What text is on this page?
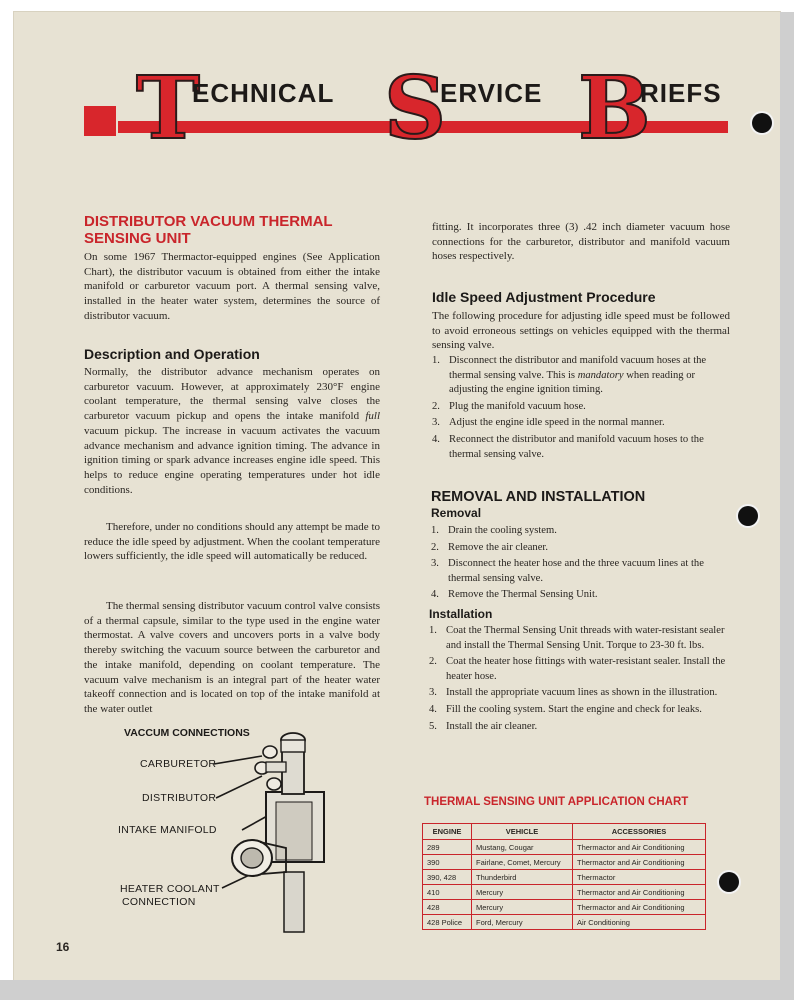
T
ECHNICAL S
ERVICE B
RIEFS
DISTRIBUTOR VACUUM THERMAL SENSING UNIT

On some 1967 Thermactor-equipped engines (See Application Chart), the distributor vacuum is obtained from either the intake manifold or carburetor vacuum port. A thermal sensing valve, installed in the heater water system, determines the source of distributor vacuum.

Description and Operation

Normally, the distributor advance mechanism operates on carburetor vacuum. However, at approximately 230°F engine coolant temperature, the thermal sensing valve closes the carburetor vacuum pickup and opens the intake manifold full vacuum pickup. The increase in vacuum activates the vacuum advance mechanism and advance ignition timing. The advance in ignition timing or spark advance increases engine idle speed. This helps to reduce engine operating temperatures under hot idle conditions.

Therefore, under no conditions should any attempt be made to reduce the idle speed by adjustment. When the coolant temperature lowers sufficiently, the idle speed will automatically be reduced.

The thermal sensing distributor vacuum control valve consists of a thermal capsule, similar to the type used in the engine water thermostat. A valve covers and uncovers ports in a valve body thereby switching the vacuum source between the carburetor and the intake manifold, depending on coolant temperature. The vacuum valve mechanism is an integral part of the heater water takeoff connection and is located on top of the intake manifold at the water outlet

VACCUM CONNECTIONS
CARBURETOR
DISTRIBUTOR
INTAKE MANIFOLD
HEATER COOLANT
CONNECTION

fitting. It incorporates three (3) .42 inch diameter vacuum hose connections for the carburetor, distributor and manifold vacuum hoses respectively.

Idle Speed Adjustment Procedure

The following procedure for adjusting idle speed must be followed to avoid erroneous settings on vehicles equipped with the thermal sensing valve.

1. Disconnect the distributor and manifold vacuum hoses at the thermal sensing valve. This is mandatory when reading or adjusting the engine ignition timing.
2. Plug the manifold vacuum hose.
3. Adjust the engine idle speed in the normal manner.
4. Reconnect the distributor and manifold vacuum hoses to the thermal sensing valve.
REMOVAL AND INSTALLATION
Removal
1. Drain the cooling system.
2. Remove the air cleaner.
3. Disconnect the heater hose and the three vacuum lines at the thermal sensing valve.
4. Remove the Thermal Sensing Unit.
Installation
1. Coat the Thermal Sensing Unit threads with water-resistant sealer and install the Thermal Sensing Unit. Torque to 23-30 ft. lbs.
2. Coat the heater hose fittings with water-resistant sealer. Install the heater hose.
3. Install the appropriate vacuum lines as shown in the illustration.
4. Fill the cooling system. Start the engine and check for leaks.
5. Install the air cleaner.
THERMAL SENSING UNIT APPLICATION CHART
ENGINE	VEHICLE	ACCESSORIES
289	Mustang, Cougar	Thermactor and Air Conditioning
390	Fairlane, Comet, Mercury	Thermactor and Air Conditioning
390, 428	Thunderbird	Thermactor
410	Mercury	Thermactor and Air Conditioning
428	Mercury	Thermactor and Air Conditioning
428 Police	Ford, Mercury	Air Conditioning
16
